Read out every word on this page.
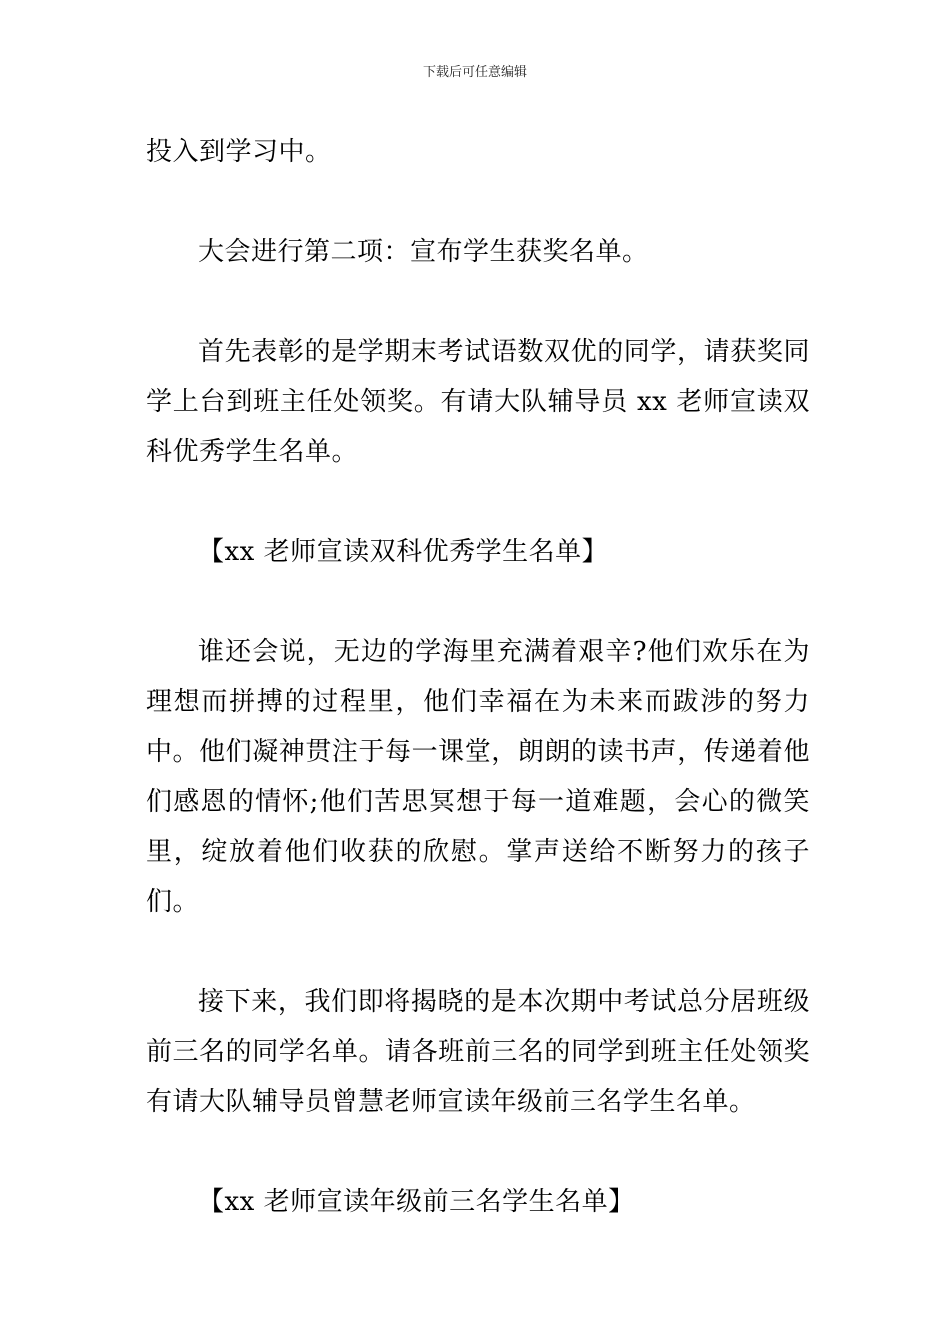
下载后可任意编辑

投入到学习中。

大会进行第二项：宣布学生获奖名单。

首先表彰的是学期末考试语数双优的同学，请获奖同学上台到班主任处领奖。有请大队辅导员 xx 老师宣读双科优秀学生名单。

【xx 老师宣读双科优秀学生名单】

谁还会说，无边的学海里充满着艰辛?他们欢乐在为理想而拼搏的过程里，他们幸福在为未来而跋涉的努力中。他们凝神贯注于每一课堂，朗朗的读书声，传递着他们感恩的情怀;他们苦思冥想于每一道难题，会心的微笑里，绽放着他们收获的欣慰。掌声送给不断努力的孩子们。

接下来，我们即将揭晓的是本次期中考试总分居班级前三名的同学名单。请各班前三名的同学到班主任处领奖有请大队辅导员曾慧老师宣读年级前三名学生名单。

【xx 老师宣读年级前三名学生名单】
